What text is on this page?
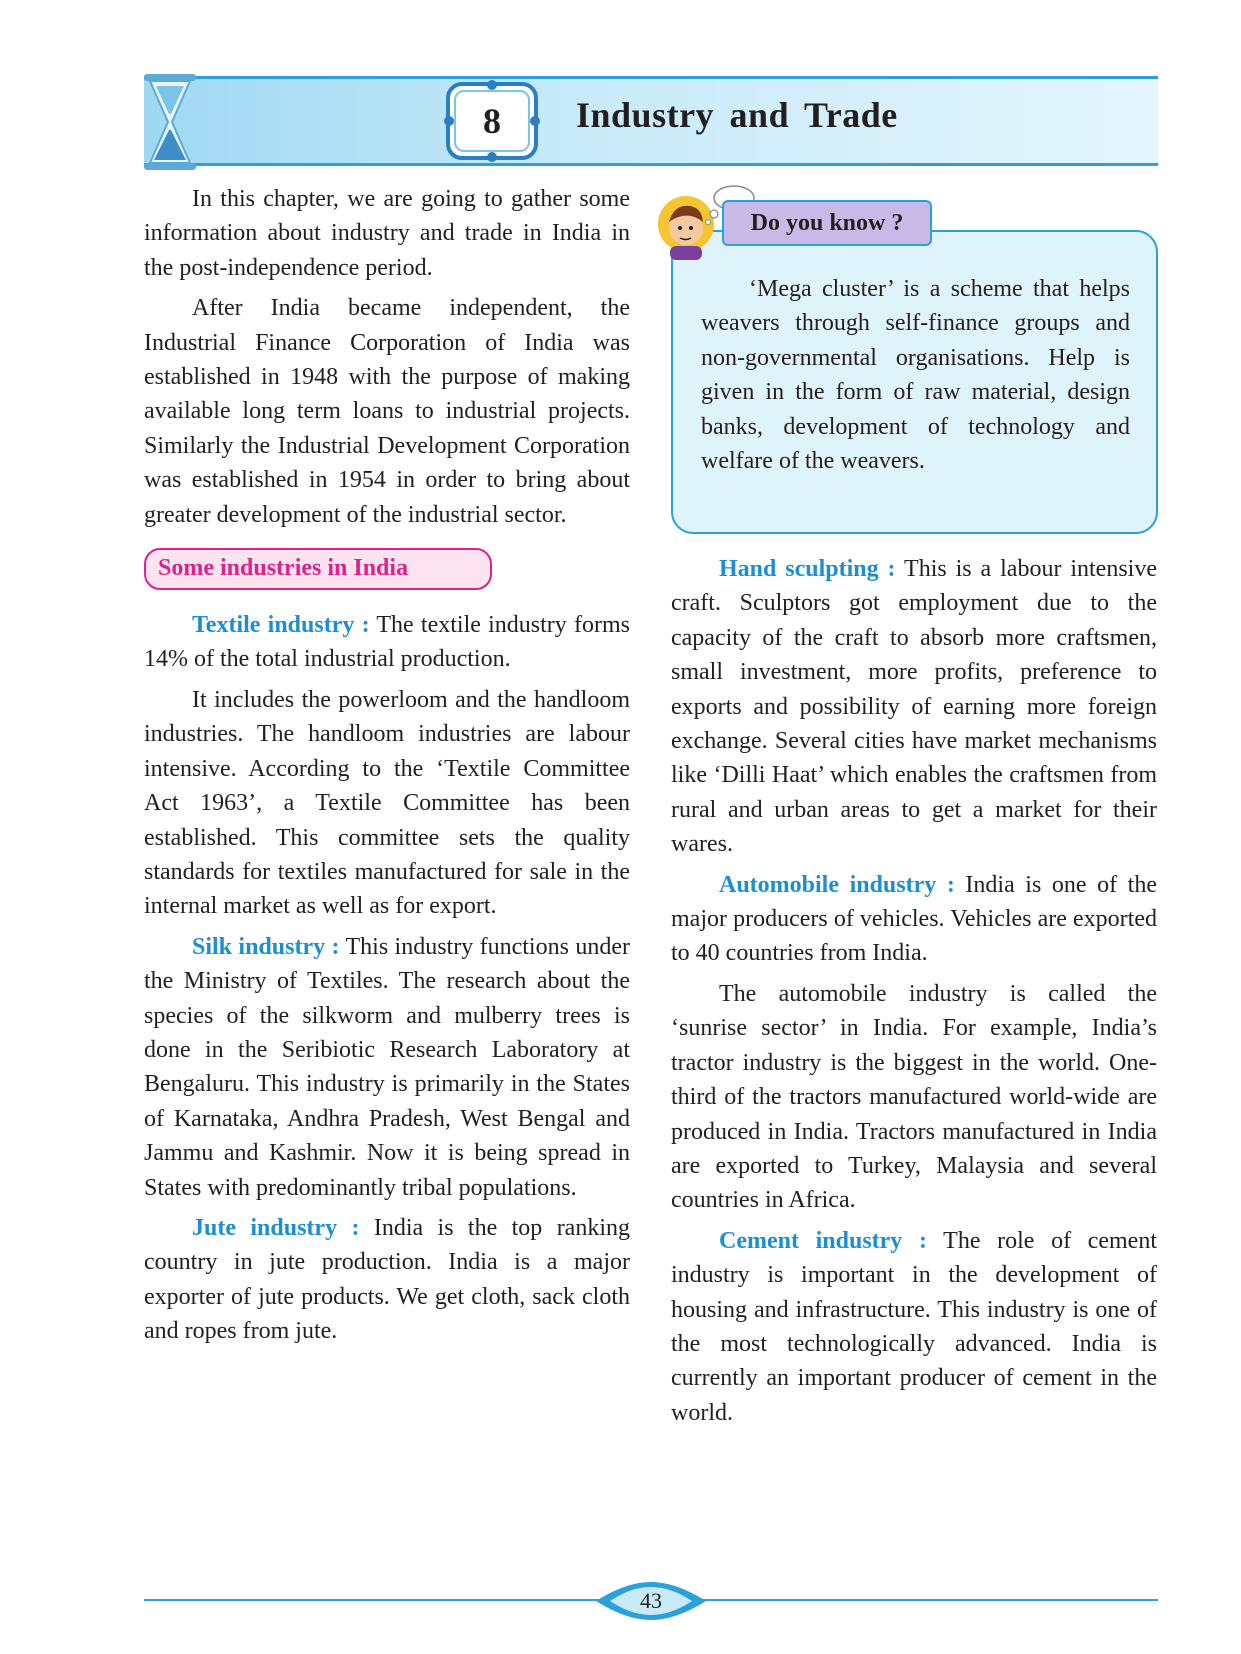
8	Industry and Trade

In this chapter, we are going to gather some information about industry and trade in India in the post-independence period.

After India became independent, the Industrial Finance Corporation of India was established in 1948 with the purpose of making available long term loans to industrial projects. Similarly the Industrial Development Corporation was established in 1954 in order to bring about greater development of the industrial sector.

Some industries in India

Textile industry : The textile industry forms 14% of the total industrial production.

It includes the powerloom and the handloom industries. The handloom industries are labour intensive. According to the ‘Textile Committee Act 1963’, a Textile Committee has been established. This committee sets the quality standards for textiles manufactured for sale in the internal market as well as for export.

Silk industry : This industry functions under the Ministry of Textiles. The research about the species of the silkworm and mulberry trees is done in the Seribiotic Research Laboratory at Bengaluru. This industry is primarily in the States of Karnataka, Andhra Pradesh, West Bengal and Jammu and Kashmir. Now it is being spread in States with predominantly tribal populations.

Jute industry : India is the top ranking country in jute production. India is a major exporter of jute products. We get cloth, sack cloth and ropes from jute.

‘Mega cluster’ is a scheme that helps weavers through self-finance groups and non-governmental organisations. Help is given in the form of raw material, design banks, development of technology and welfare of the weavers.

Do you know ?

Hand sculpting : This is a labour intensive craft. Sculptors got employment due to the capacity of the craft to absorb more craftsmen, small investment, more profits, preference to exports and possibility of earning more foreign exchange. Several cities have market mechanisms like ‘Dilli Haat’ which enables the craftsmen from rural and urban areas to get a market for their wares.

Automobile industry : India is one of the major producers of vehicles. Vehicles are exported to 40 countries from India.

The automobile industry is called the ‘sunrise sector’ in India. For example, India’s tractor industry is the biggest in the world. One-third of the tractors manufactured world-wide are produced in India. Tractors manufactured in India are exported to Turkey, Malaysia and several countries in Africa.

Cement industry : The role of cement industry is important in the development of housing and infrastructure. This industry is one of the most technologically advanced. India is currently an important producer of cement in the world.

43
